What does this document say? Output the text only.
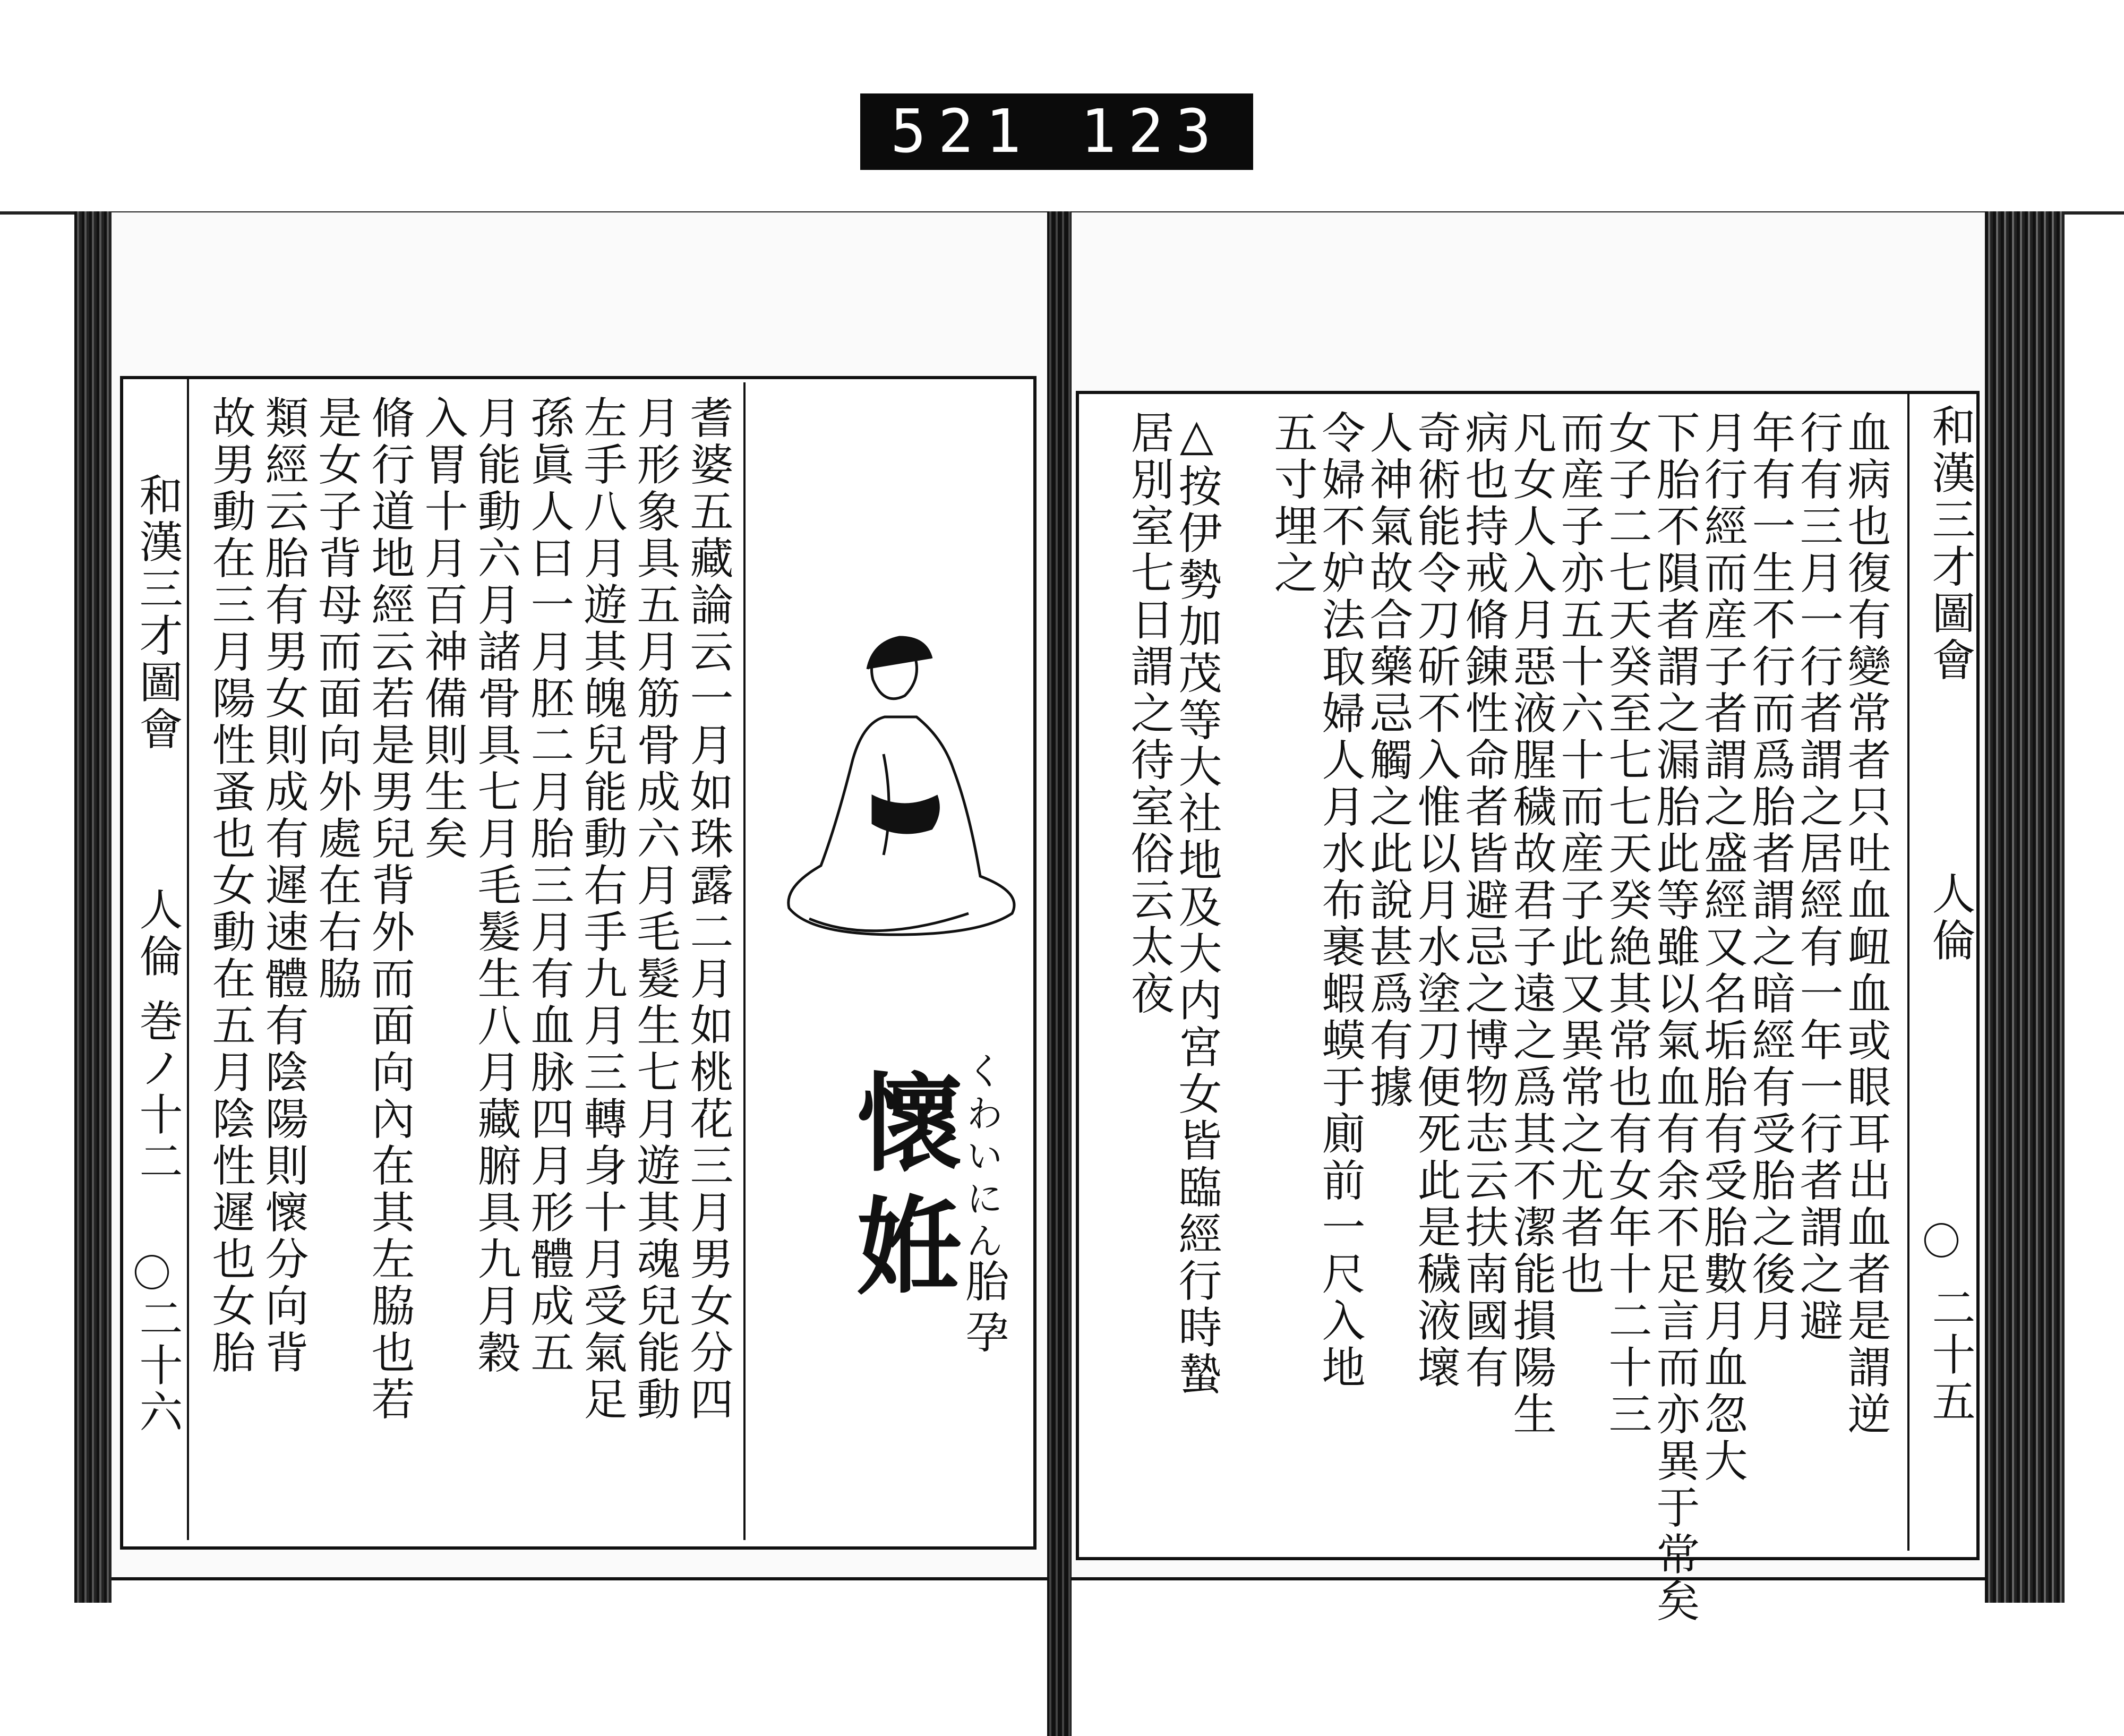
521 123
耆婆五藏論云一月如珠露二月如桃花三月男女分四
月形象具五月筋骨成六月毛髮生七月遊其魂兒能動
左手八月遊其魄兒能動右手九月三轉身十月受氣足
孫眞人曰一月胚二月胎三月有血脉四月形體成五
月能動六月諸骨具七月毛髮生八月藏腑具九月穀
入胃十月百神備則生矣
脩行道地經云若是男兒背外而面向內在其左脇也若
是女子背母而面向外處在右脇
類經云胎有男女則成有遲速體有陰陽則懷分向背
故男動在三月陽性蚤也女動在五月陰性遲也女胎
和漢三才圖會
人倫
巻ノ十二
〇
二十六
懷姙
くわいにん
胎孕	血病也復有變常者只吐血衄血或眼耳出血者是謂逆
行有三月一行者謂之居經有一年一行者謂之避
年有一生不行而爲胎者謂之暗經有受胎之後月
月行經而産子者謂之盛經又名垢胎有受胎數月血忽大
下胎不隕者謂之漏胎此等雖以氣血有余不足言而亦異于常矣
女子二七天癸至七七天癸絶其常也有女年十二十三
而産子亦五十六十而産子此又異常之尤者也
凡女人入月惡液腥穢故君子遠之爲其不潔能損陽生
病也持戒脩錬性命者皆避忌之博物志云扶南國有
奇術能令刀斫不入惟以月水塗刀便死此是穢液壞
人神氣故合藥忌觸之此說甚爲有據
令婦不妒法取婦人月水布裹蝦蟆于廁前一尺入地
五寸埋之
△按伊勢加茂等大社地及大内宮女皆臨經行時蟄
居別室七日謂之待室俗云太夜	和漢三才圖會
人倫
〇
二十五
